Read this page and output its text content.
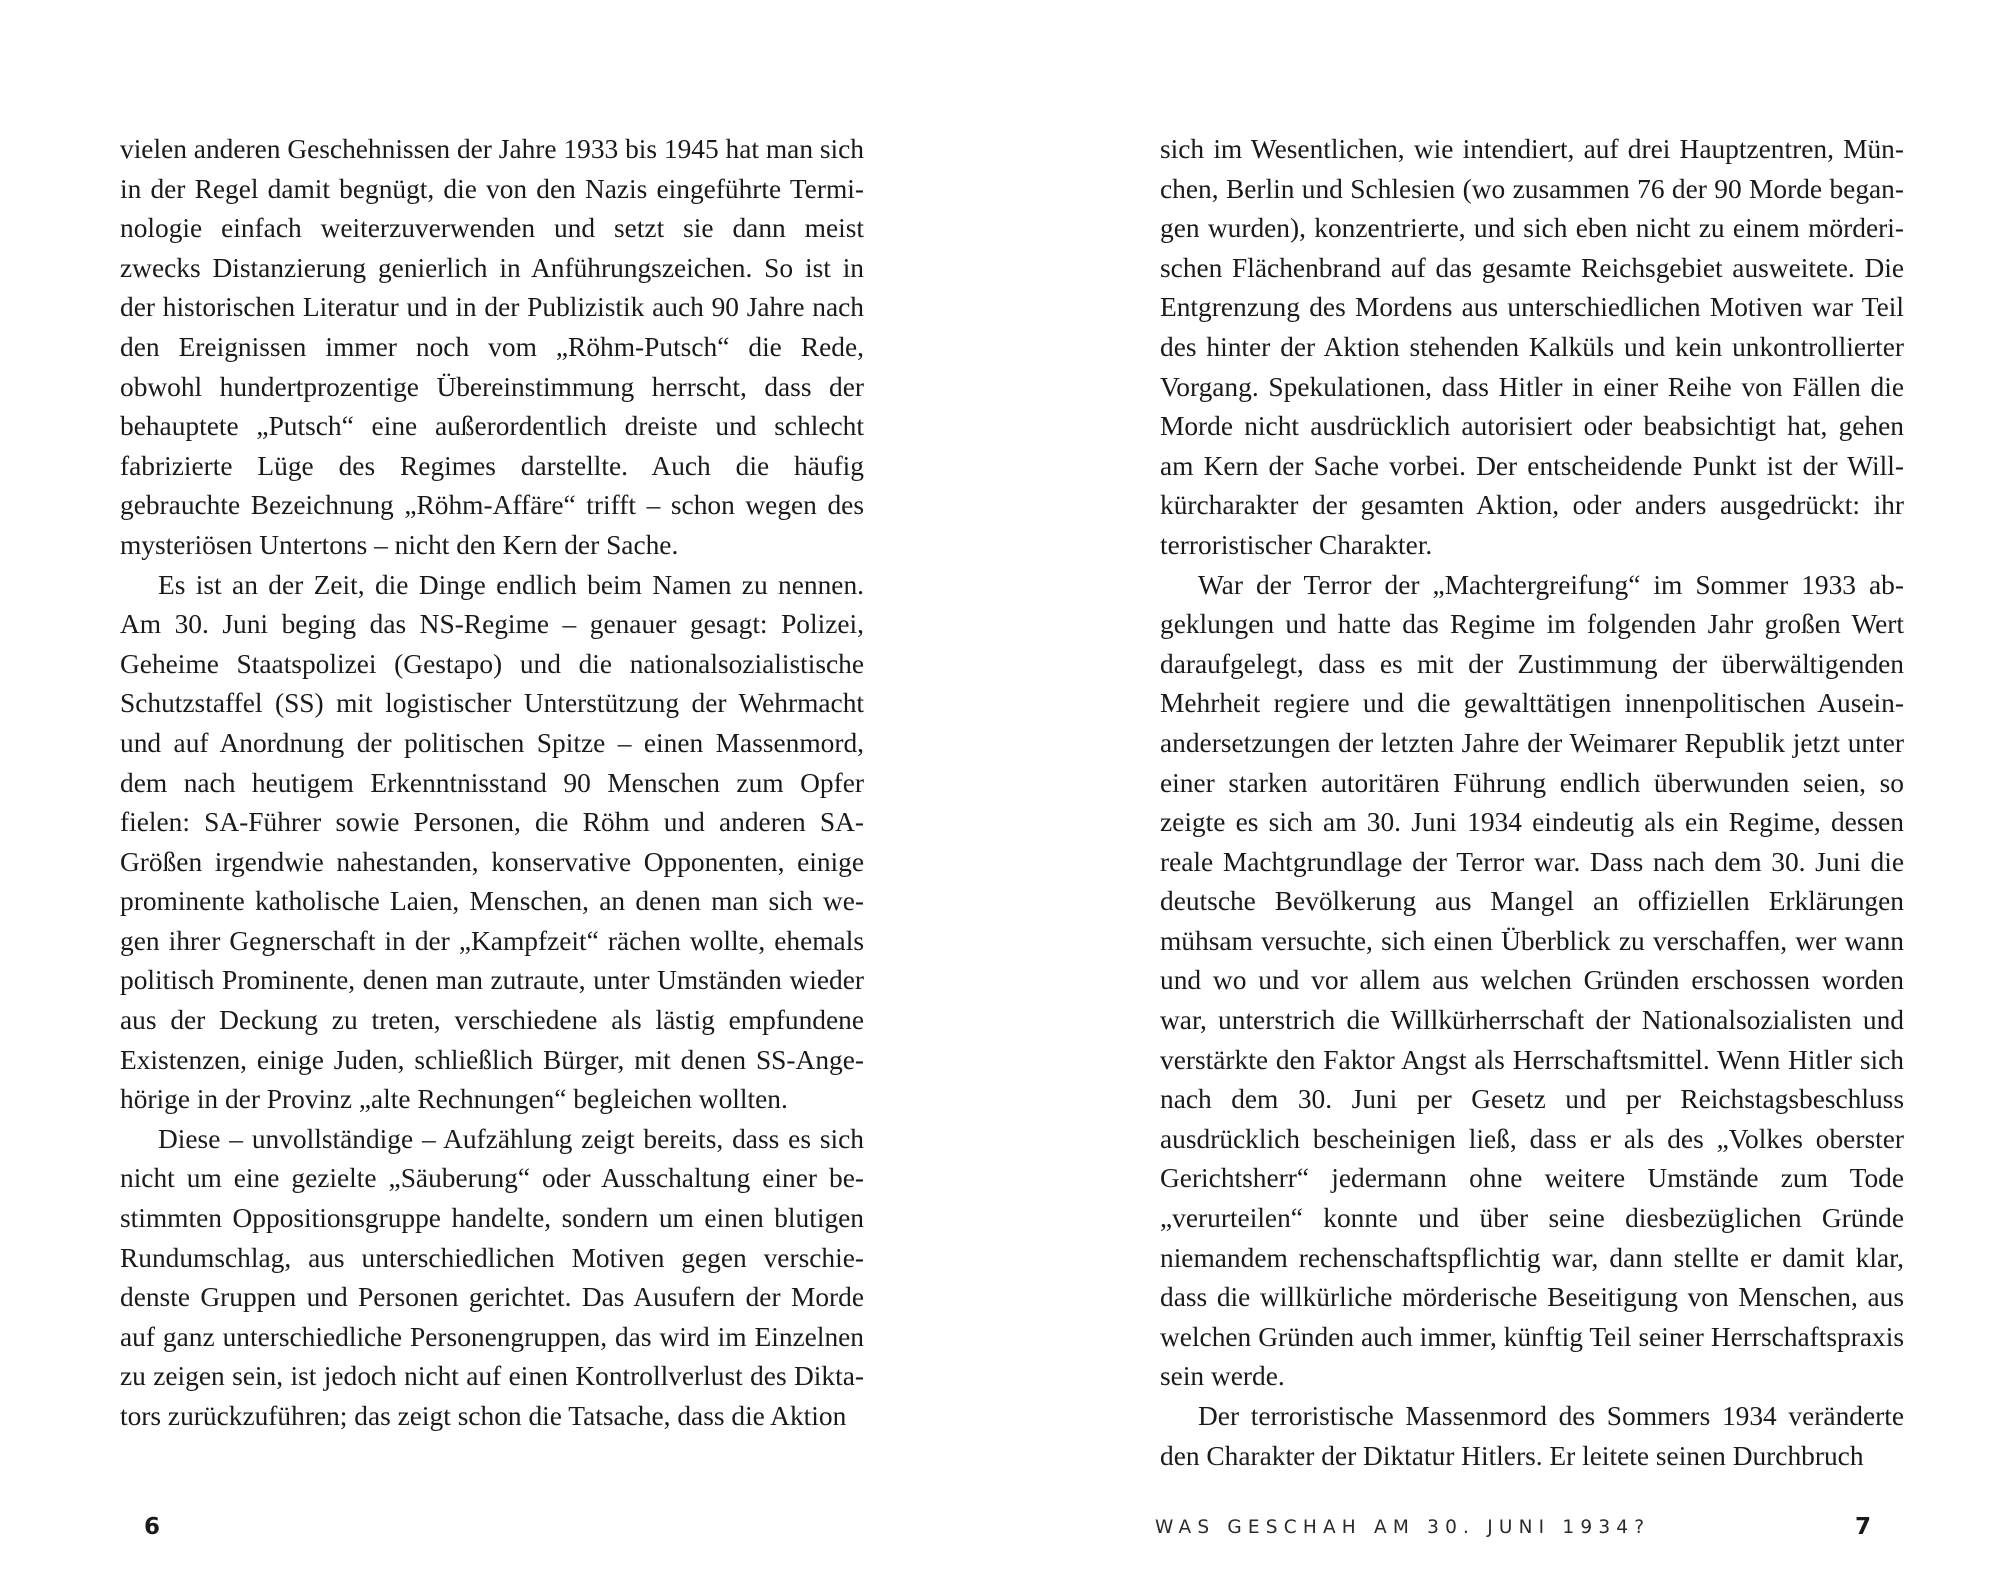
vielen anderen Geschehnissen der Jahre 1933 bis 1945 hat man sich in der Regel damit begnügt, die von den Nazis eingeführte Terminologie einfach weiterzuverwenden und setzt sie dann meist zwecks Distanzierung genierlich in Anführungszeichen. So ist in der historischen Literatur und in der Publizistik auch 90 Jahre nach den Ereignissen immer noch vom „Röhm-Putsch“ die Rede, obwohl hundertprozentige Übereinstimmung herrscht, dass der behauptete „Putsch“ eine außerordentlich dreiste und schlecht fabrizierte Lüge des Regimes darstellte. Auch die häufig gebrauchte Bezeichnung „Röhm-Affäre“ trifft – schon wegen des mysteriösen Untertons – nicht den Kern der Sache.

Es ist an der Zeit, die Dinge endlich beim Namen zu nennen. Am 30. Juni beging das NS-Regime – genauer gesagt: Polizei, Geheime Staatspolizei (Gestapo) und die nationalsozialistische Schutzstaffel (SS) mit logistischer Unterstützung der Wehrmacht und auf Anordnung der politischen Spitze – einen Massenmord, dem nach heutigem Erkenntnisstand 90 Menschen zum Opfer fielen: SA-Führer sowie Personen, die Röhm und anderen SA-Größen irgendwie nahestanden, konservative Opponenten, einige prominente katholische Laien, Menschen, an denen man sich wegen ihrer Gegnerschaft in der „Kampfzeit“ rächen wollte, ehemals politisch Prominente, denen man zutraute, unter Umständen wieder aus der Deckung zu treten, verschiedene als lästig empfundene Existenzen, einige Juden, schließlich Bürger, mit denen SS-Angehörige in der Provinz „alte Rechnungen“ begleichen wollten.

Diese – unvollständige – Aufzählung zeigt bereits, dass es sich nicht um eine gezielte „Säuberung“ oder Ausschaltung einer bestimmten Oppositionsgruppe handelte, sondern um einen blutigen Rundumschlag, aus unterschiedlichen Motiven gegen verschiedenste Gruppen und Personen gerichtet. Das Ausufern der Morde auf ganz unterschiedliche Personengruppen, das wird im Einzelnen zu zeigen sein, ist jedoch nicht auf einen Kontrollverlust des Diktators zurückzuführen; das zeigt schon die Tatsache, dass die Aktion

6

sich im Wesentlichen, wie intendiert, auf drei Hauptzentren, München, Berlin und Schlesien (wo zusammen 76 der 90 Morde begangen wurden), konzentrierte, und sich eben nicht zu einem mörderischen Flächenbrand auf das gesamte Reichsgebiet ausweitete. Die Entgrenzung des Mordens aus unterschiedlichen Motiven war Teil des hinter der Aktion stehenden Kalküls und kein unkontrollierter Vorgang. Spekulationen, dass Hitler in einer Reihe von Fällen die Morde nicht ausdrücklich autorisiert oder beabsichtigt hat, gehen am Kern der Sache vorbei. Der entscheidende Punkt ist der Willkürcharakter der gesamten Aktion, oder anders ausgedrückt: ihr terroristischer Charakter.

War der Terror der „Machtergreifung“ im Sommer 1933 abgeklungen und hatte das Regime im folgenden Jahr großen Wert daraufgelegt, dass es mit der Zustimmung der überwältigenden Mehrheit regiere und die gewalttätigen innenpolitischen Auseinandersetzungen der letzten Jahre der Weimarer Republik jetzt unter einer starken autoritären Führung endlich überwunden seien, so zeigte es sich am 30. Juni 1934 eindeutig als ein Regime, dessen reale Machtgrundlage der Terror war. Dass nach dem 30. Juni die deutsche Bevölkerung aus Mangel an offiziellen Erklärungen mühsam versuchte, sich einen Überblick zu verschaffen, wer wann und wo und vor allem aus welchen Gründen erschossen worden war, unterstrich die Willkürherrschaft der Nationalsozialisten und verstärkte den Faktor Angst als Herrschaftsmittel. Wenn Hitler sich nach dem 30. Juni per Gesetz und per Reichstagsbeschluss ausdrücklich bescheinigen ließ, dass er als des „Volkes oberster Gerichtsherr“ jedermann ohne weitere Umstände zum Tode „verurteilen“ konnte und über seine diesbezüglichen Gründe niemandem rechenschaftspflichtig war, dann stellte er damit klar, dass die willkürliche mörderische Beseitigung von Menschen, aus welchen Gründen auch immer, künftig Teil seiner Herrschaftspraxis sein werde.

Der terroristische Massenmord des Sommers 1934 veränderte den Charakter der Diktatur Hitlers. Er leitete seinen Durchbruch

WAS GESCHAH AM 30. JUNI 1934?	7
